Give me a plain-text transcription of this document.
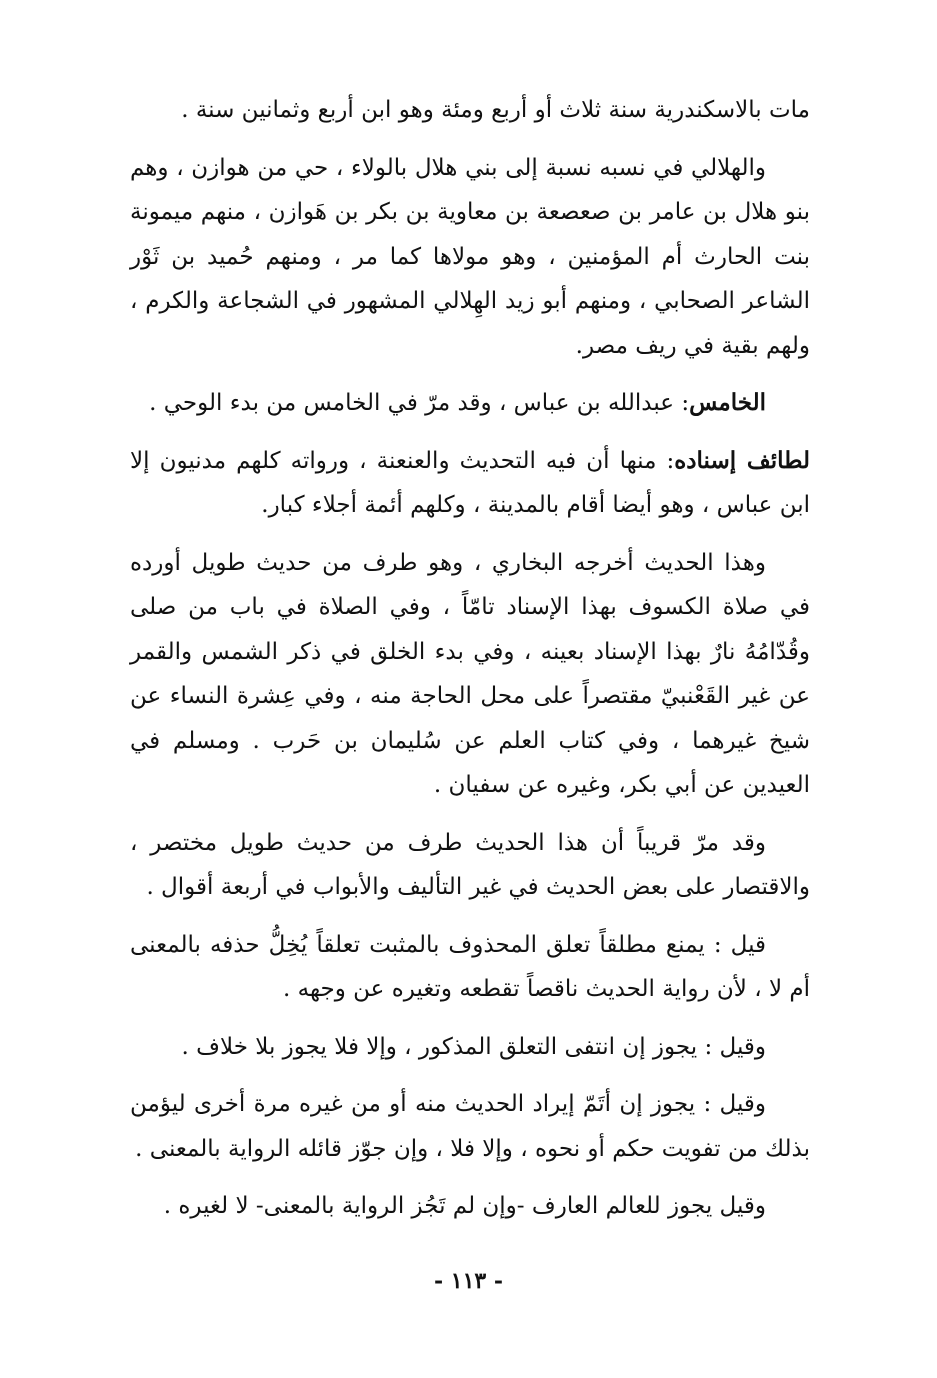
مات بالاسكندرية سنة ثلاث أو أربع ومئة وهو ابن أربع وثمانين سنة .

والهلالي في نسبه نسبة إلى بني هلال بالولاء ، حي من هوازن ، وهم بنو هلال بن عامر بن صعصعة بن معاوية بن بكر بن هَوازن ، منهم ميمونة بنت الحارث أم المؤمنين ، وهو مولاها كما مر ، ومنهم حُميد بن ثَوْر الشاعر الصحابي ، ومنهم أبو زيد الهِلالي المشهور في الشجاعة والكرم ، ولهم بقية في ريف مصر.

الخامس: عبدالله بن عباس ، وقد مرّ في الخامس من بدء الوحي .

لطائف إسناده: منها أن فيه التحديث والعنعنة ، ورواته كلهم مدنيون إلا ابن عباس ، وهو أيضا أقام بالمدينة ، وكلهم أئمة أجلاء كبار.

وهذا الحديث أخرجه البخاري ، وهو طرف من حديث طويل أورده في صلاة الكسوف بهذا الإسناد تامّاً ، وفي الصلاة في باب من صلى وقُدّامُهُ نارٌ بهذا الإسناد بعينه ، وفي بدء الخلق في ذكر الشمس والقمر عن غير القَعْنبيّ مقتصراً على محل الحاجة منه ، وفي عِشرة النساء عن شيخ غيرهما ، وفي كتاب العلم عن سُليمان بن حَرب . ومسلم في العيدين عن أبي بكر، وغيره عن سفيان .

وقد مرّ قريباً أن هذا الحديث طرف من حديث طويل مختصر ، والاقتصار على بعض الحديث في غير التأليف والأبواب في أربعة أقوال .

قيل : يمنع مطلقاً تعلق المحذوف بالمثبت تعلقاً يُخِلُّ حذفه بالمعنى أم لا ، لأن رواية الحديث ناقصاً تقطعه وتغيره عن وجهه .

وقيل : يجوز إن انتفى التعلق المذكور ، وإلا فلا يجوز بلا خلاف .

وقيل : يجوز إن أتَمّ إيراد الحديث منه أو من غيره مرة أخرى ليؤمن بذلك من تفويت حكم أو نحوه ، وإلا فلا ، وإن جوّز قائله الرواية بالمعنى .

وقيل يجوز للعالم العارف -وإن لم تَجُز الرواية بالمعنى- لا لغيره .

- ١١٣ -
